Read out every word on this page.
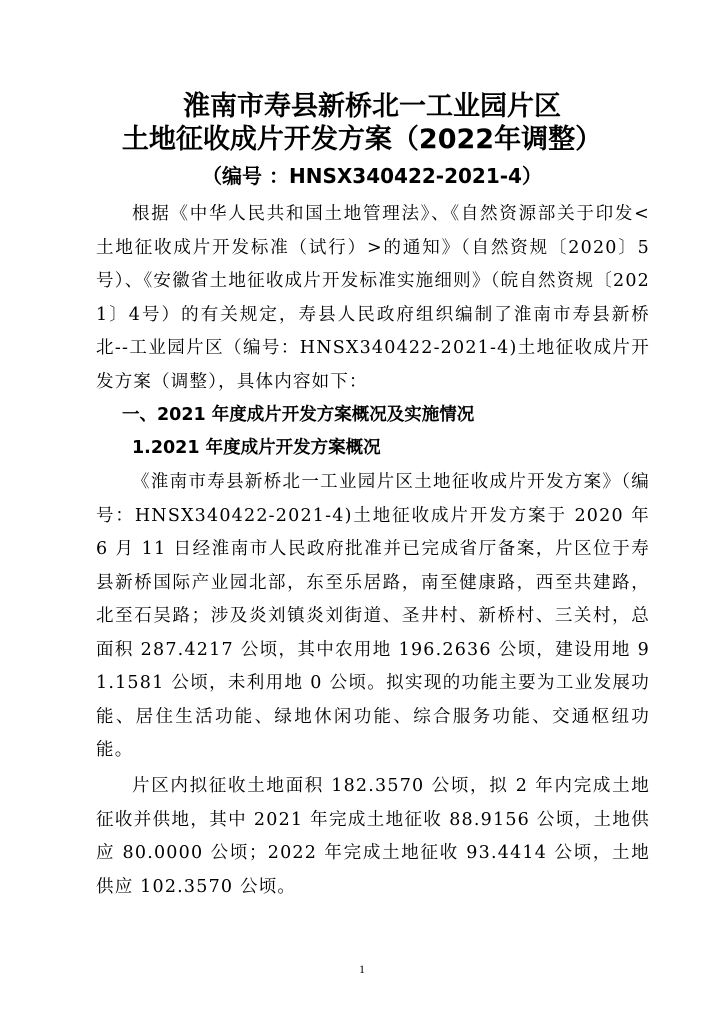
淮南市寿县新桥北一工业园片区
土地征收成片开发方案（2022年调整）
（编号 ：HNSX340422-2021-4）
根据《中华人民共和国土地管理法》、《自然资源部关于印发<土地征收成片开发标准（试行）>的通知》（自然资规〔2020〕5号）、《安徽省土地征收成片开发标准实施细则》（皖自然资规〔2021〕4号）的有关规定，寿县人民政府组织编制了淮南市寿县新桥北--工业园片区（编号：HNSX340422-2021-4)土地征收成片开发方案（调整），具体内容如下：
一、2021 年度成片开发方案概况及实施情况
1.2021 年度成片开发方案概况
《淮南市寿县新桥北一工业园片区土地征收成片开发方案》（编号：HNSX340422-2021-4)土地征收成片开发方案于 2020 年 6 月 11 日经淮南市人民政府批准并已完成省厅备案，片区位于寿县新桥国际产业园北部，东至乐居路，南至健康路，西至共建路，北至石吴路；涉及炎刘镇炎刘街道、圣井村、新桥村、三关村，总面积 287.4217 公顷，其中农用地 196.2636 公顷，建设用地 91.1581 公顷，未利用地 0 公顷。拟实现的功能主要为工业发展功能、居住生活功能、绿地休闲功能、综合服务功能、交通枢纽功能。
片区内拟征收土地面积 182.3570 公顷，拟 2 年内完成土地征收并供地，其中 2021 年完成土地征收 88.9156 公顷，土地供应 80.0000 公顷；2022 年完成土地征收 93.4414 公顷，土地供应 102.3570 公顷。
1
